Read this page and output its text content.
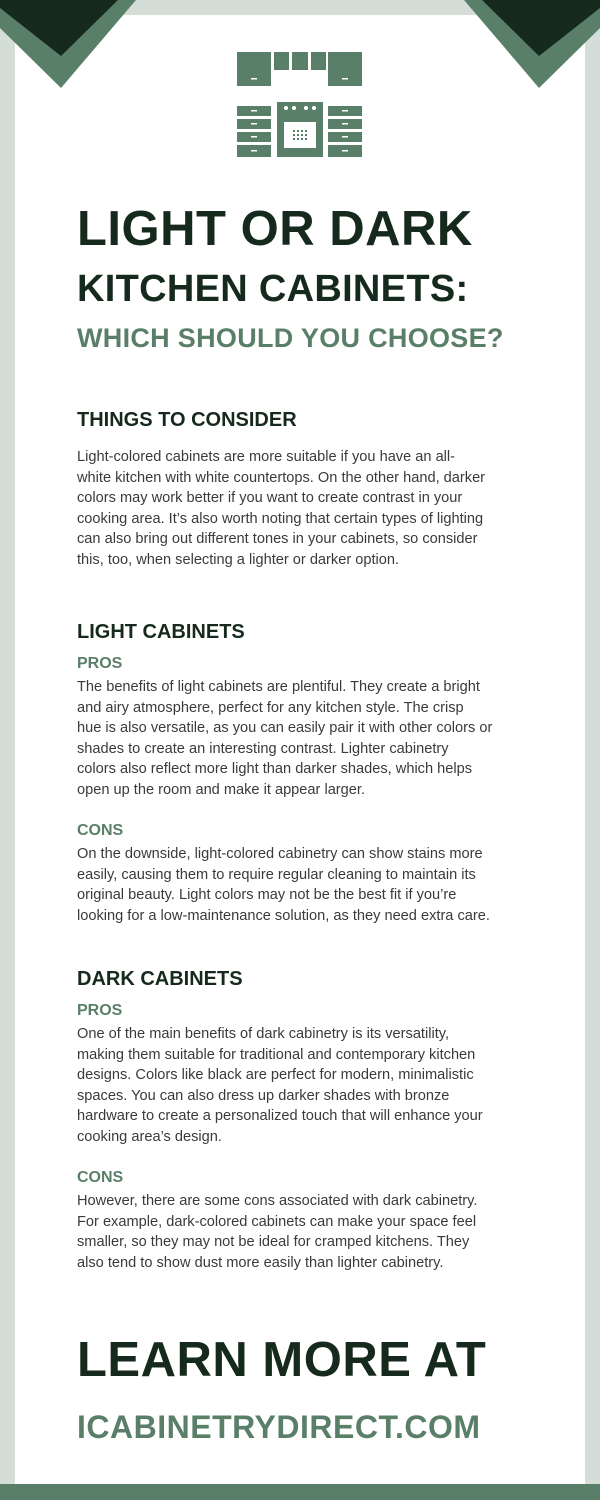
LIGHT OR DARK
KITCHEN CABINETS:
WHICH SHOULD YOU CHOOSE?
THINGS TO CONSIDER
Light-colored cabinets are more suitable if you have an all-
white kitchen with white countertops. On the other hand, darker
colors may work better if you want to create contrast in your
cooking area. It’s also worth noting that certain types of lighting
can also bring out different tones in your cabinets, so consider
this, too, when selecting a lighter or darker option.
LIGHT CABINETS
PROS
The benefits of light cabinets are plentiful. They create a bright
and airy atmosphere, perfect for any kitchen style. The crisp
hue is also versatile, as you can easily pair it with other colors or
shades to create an interesting contrast. Lighter cabinetry
colors also reflect more light than darker shades, which helps
open up the room and make it appear larger.
CONS
On the downside, light-colored cabinetry can show stains more
easily, causing them to require regular cleaning to maintain its
original beauty. Light colors may not be the best fit if you’re
looking for a low-maintenance solution, as they need extra care.
DARK CABINETS
PROS
One of the main benefits of dark cabinetry is its versatility,
making them suitable for traditional and contemporary kitchen
designs. Colors like black are perfect for modern, minimalistic
spaces. You can also dress up darker shades with bronze
hardware to create a personalized touch that will enhance your
cooking area’s design.
CONS
However, there are some cons associated with dark cabinetry.
For example, dark-colored cabinets can make your space feel
smaller, so they may not be ideal for cramped kitchens. They
also tend to show dust more easily than lighter cabinetry.
LEARN MORE AT
ICABINETRYDIRECT.COM
